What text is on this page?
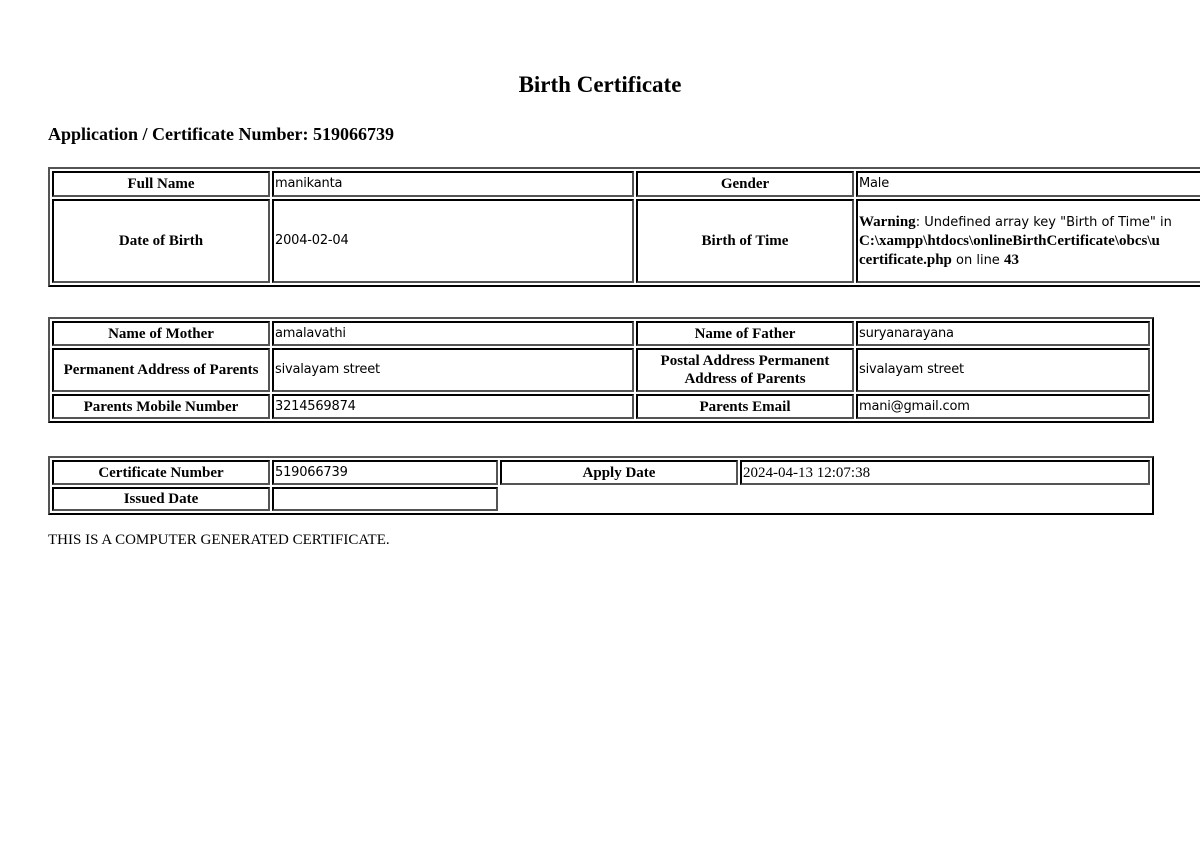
Birth Certificate
Application / Certificate Number: 519066739
Full Name	manikanta	Gender	Male
Date of Birth	2004-02-04	Birth of Time	Warning: Undefined array key "Birth of Time" in
C:\xampp\htdocs\onlineBirthCertificate\obcs\u
certificate.php on line 43
Name of Mother	amalavathi	Name of Father	suryanarayana
Permanent Address of Parents	sivalayam street	Postal Address Permanent Address of Parents	sivalayam street
Parents Mobile Number	3214569874	Parents Email	mani@gmail.com
Certificate Number	519066739	Apply Date	2024-04-13 12:07:38
Issued Date			

THIS IS A COMPUTER GENERATED CERTIFICATE.
